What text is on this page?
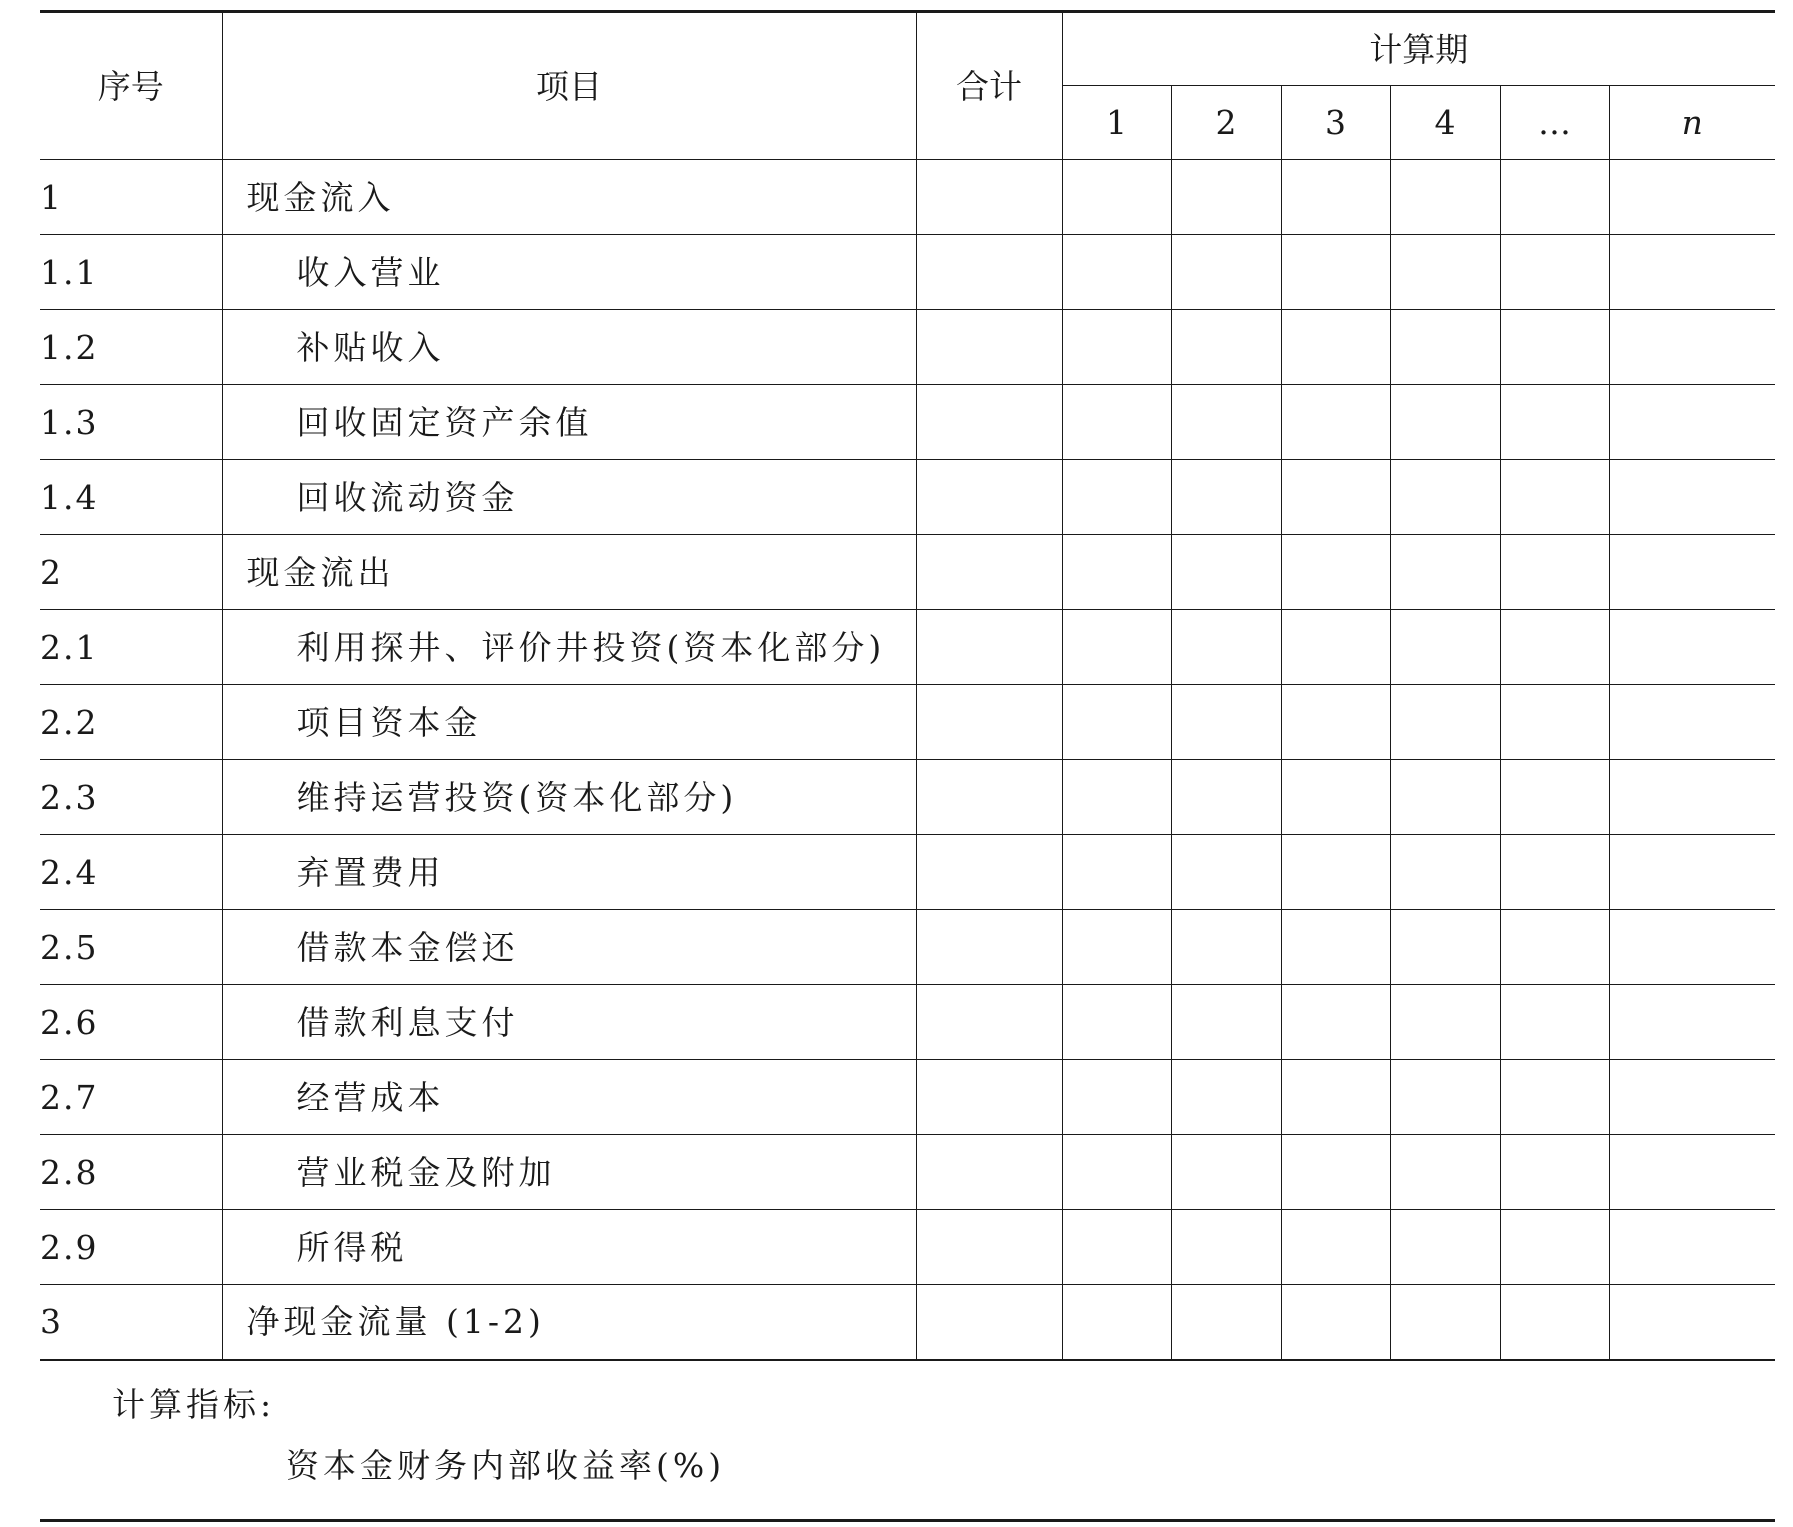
序号	项目	合计	计算期					
			1	2	3	4	…	n
1	现金流入							
1.1	收入营业							
1.2	补贴收入							
1.3	回收固定资产余值							
1.4	回收流动资金							
2	现金流出							
2.1	利用探井、评价井投资(资本化部分)							
2.2	项目资本金							
2.3	维持运营投资(资本化部分)							
2.4	弃置费用							
2.5	借款本金偿还							
2.6	借款利息支付							
2.7	经营成本							
2.8	营业税金及附加							
2.9	所得税							
3	净现金流量 (1-2)							
计算指标:
资本金财务内部收益率(%)
